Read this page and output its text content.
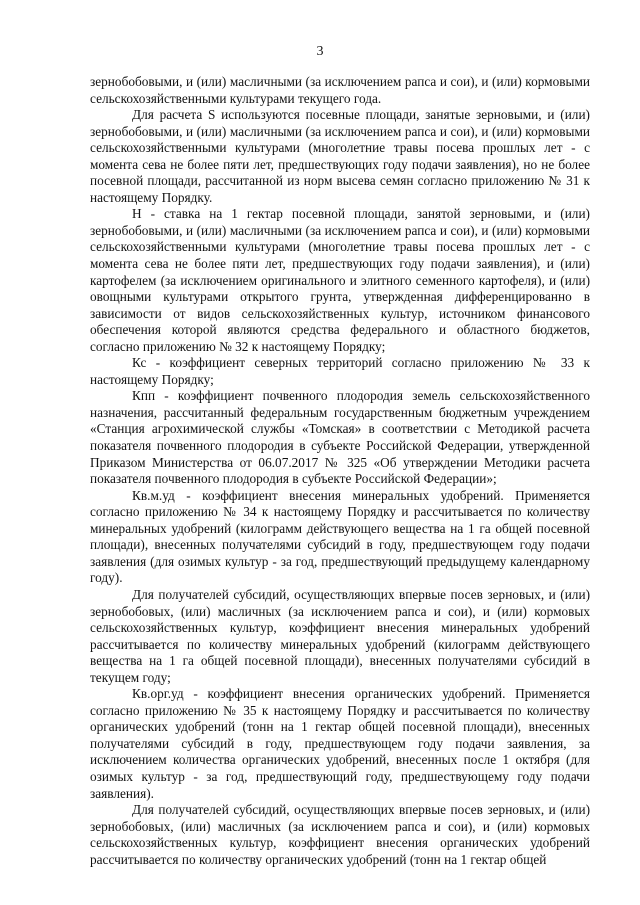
3

зернобобовыми, и (или) масличными (за исключением рапса и сои), и (или) кормовыми сельскохозяйственными культурами текущего года.

Для расчета S используются посевные площади, занятые зерновыми, и (или) зернобобовыми, и (или) масличными (за исключением рапса и сои), и (или) кормовыми сельскохозяйственными культурами (многолетние травы посева прошлых лет - с момента сева не более пяти лет, предшествующих году подачи заявления), но не более посевной площади, рассчитанной из норм высева семян согласно приложению № 31 к настоящему Порядку.

Н - ставка на 1 гектар посевной площади, занятой зерновыми, и (или) зернобобовыми, и (или) масличными (за исключением рапса и сои), и (или) кормовыми сельскохозяйственными культурами (многолетние травы посева прошлых лет - с момента сева не более пяти лет, предшествующих году подачи заявления), и (или) картофелем (за исключением оригинального и элитного семенного картофеля), и (или) овощными культурами открытого грунта, утвержденная дифференцированно в зависимости от видов сельскохозяйственных культур, источником финансового обеспечения которой являются средства федерального и областного бюджетов, согласно приложению № 32 к настоящему Порядку;

Кс - коэффициент северных территорий согласно приложению № 33 к настоящему Порядку;

Кпп - коэффициент почвенного плодородия земель сельскохозяйственного назначения, рассчитанный федеральным государственным бюджетным учреждением «Станция агрохимической службы «Томская» в соответствии с Методикой расчета показателя почвенного плодородия в субъекте Российской Федерации, утвержденной Приказом Министерства от 06.07.2017 № 325 «Об утверждении Методики расчета показателя почвенного плодородия в субъекте Российской Федерации»;

Кв.м.уд - коэффициент внесения минеральных удобрений. Применяется согласно приложению № 34 к настоящему Порядку и рассчитывается по количеству минеральных удобрений (килограмм действующего вещества на 1 га общей посевной площади), внесенных получателями субсидий в году, предшествующем году подачи заявления (для озимых культур - за год, предшествующий предыдущему календарному году).

Для получателей субсидий, осуществляющих впервые посев зерновых, и (или) зернобобовых, (или) масличных (за исключением рапса и сои), и (или) кормовых сельскохозяйственных культур, коэффициент внесения минеральных удобрений рассчитывается по количеству минеральных удобрений (килограмм действующего вещества на 1 га общей посевной площади), внесенных получателями субсидий в текущем году;

Кв.орг.уд - коэффициент внесения органических удобрений. Применяется согласно приложению № 35 к настоящему Порядку и рассчитывается по количеству органических удобрений (тонн на 1 гектар общей посевной площади), внесенных получателями субсидий в году, предшествующем году подачи заявления, за исключением количества органических удобрений, внесенных после 1 октября (для озимых культур - за год, предшествующий году, предшествующему году подачи заявления).

Для получателей субсидий, осуществляющих впервые посев зерновых, и (или) зернобобовых, (или) масличных (за исключением рапса и сои), и (или) кормовых сельскохозяйственных культур, коэффициент внесения органических удобрений рассчитывается по количеству органических удобрений (тонн на 1 гектар общей
